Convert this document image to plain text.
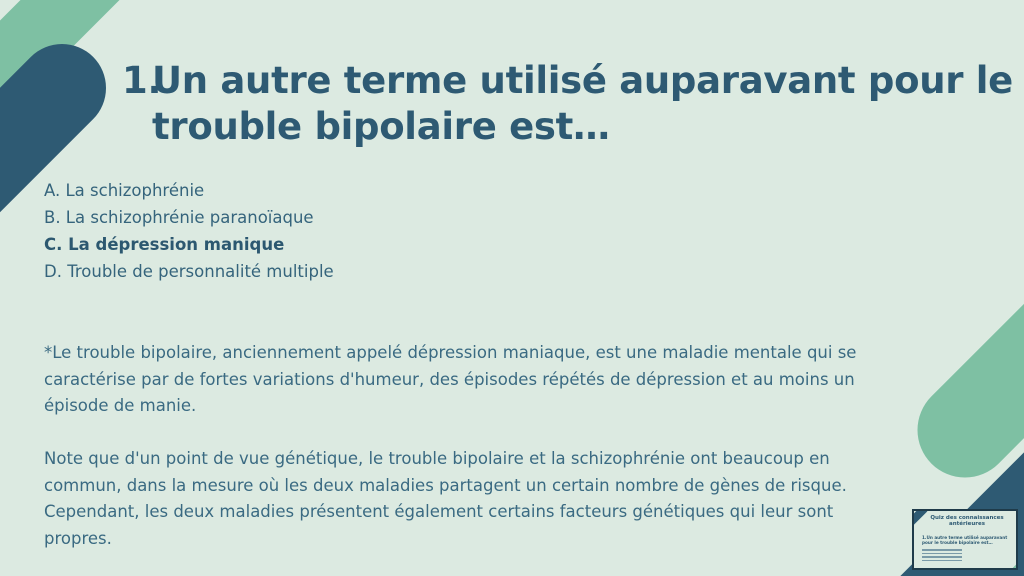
1.Un autre terme utilisé auparavant pour le
trouble bipolaire est…
A. La schizophrénie
B. La schizophrénie paranoïaque
C. La dépression manique
D. Trouble de personnalité multiple

*Le trouble bipolaire, anciennement appelé dépression maniaque, est une maladie mentale qui se caractérise par de fortes variations d'humeur, des épisodes répétés de dépression et au moins un épisode de manie.

Note que d'un point de vue génétique, le trouble bipolaire et la schizophrénie ont beaucoup en commun, dans la mesure où les deux maladies partagent un certain nombre de gènes de risque. Cependant, les deux maladies présentent également certains facteurs génétiques qui leur sont propres.

Quiz des connaissances antérieures
1.Un autre terme utilisé auparavant pour le trouble bipolaire est…
